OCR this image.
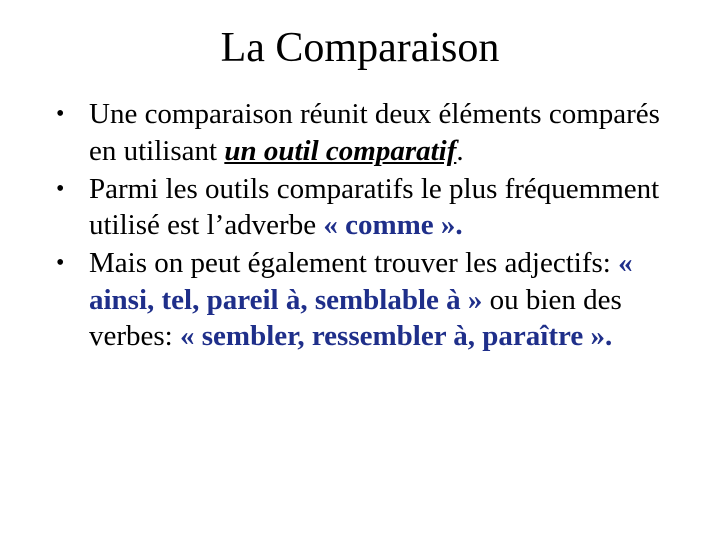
La Comparaison
• Une comparaison réunit deux éléments comparés en utilisant un outil comparatif.
• Parmi les outils comparatifs le plus fréquemment utilisé est l’adverbe « comme ».
• Mais on peut également trouver les adjectifs: « ainsi, tel, pareil à, semblable à » ou bien des verbes: « sembler, ressembler à, paraître ».
